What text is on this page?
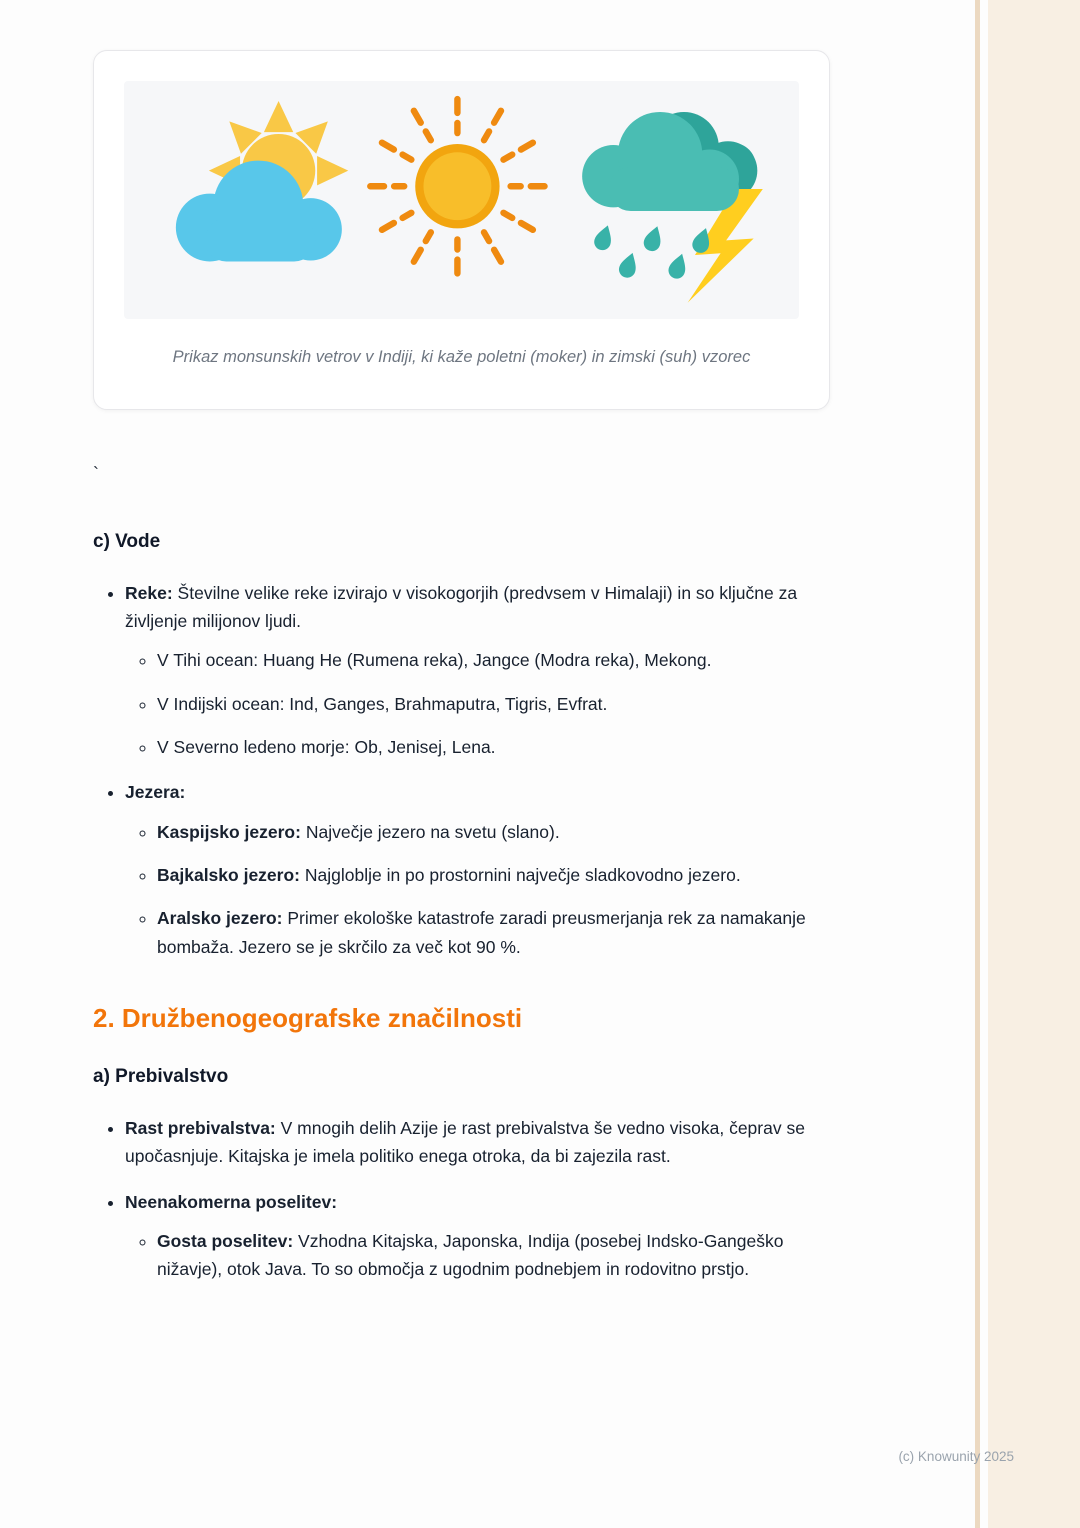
Prikaz monsunskih vetrov v Indiji, ki kaže poletni (moker) in zimski (suh) vzorec
`
c) Vode
• Reke: Številne velike reke izvirajo v visokogorjih (predvsem v Himalaji) in so ključne za življenje milijonov ljudi.
◦ V Tihi ocean: Huang He (Rumena reka), Jangce (Modra reka), Mekong.
◦ V Indijski ocean: Ind, Ganges, Brahmaputra, Tigris, Evfrat.
◦ V Severno ledeno morje: Ob, Jenisej, Lena.
• Jezera:
◦ Kaspijsko jezero: Največje jezero na svetu (slano).
◦ Bajkalsko jezero: Najgloblje in po prostornini največje sladkovodno jezero.
◦ Aralsko jezero: Primer ekološke katastrofe zaradi preusmerjanja rek za namakanje bombaža. Jezero se je skrčilo za več kot 90 %.
2. Družbenogeografske značilnosti
a) Prebivalstvo
• Rast prebivalstva: V mnogih delih Azije je rast prebivalstva še vedno visoka, čeprav se upočasnjuje. Kitajska je imela politiko enega otroka, da bi zajezila rast.
• Neenakomerna poselitev:
◦ Gosta poselitev: Vzhodna Kitajska, Japonska, Indija (posebej Indsko-Gangeško nižavje), otok Java. To so območja z ugodnim podnebjem in rodovitno prstjo.
(c) Knowunity 2025
